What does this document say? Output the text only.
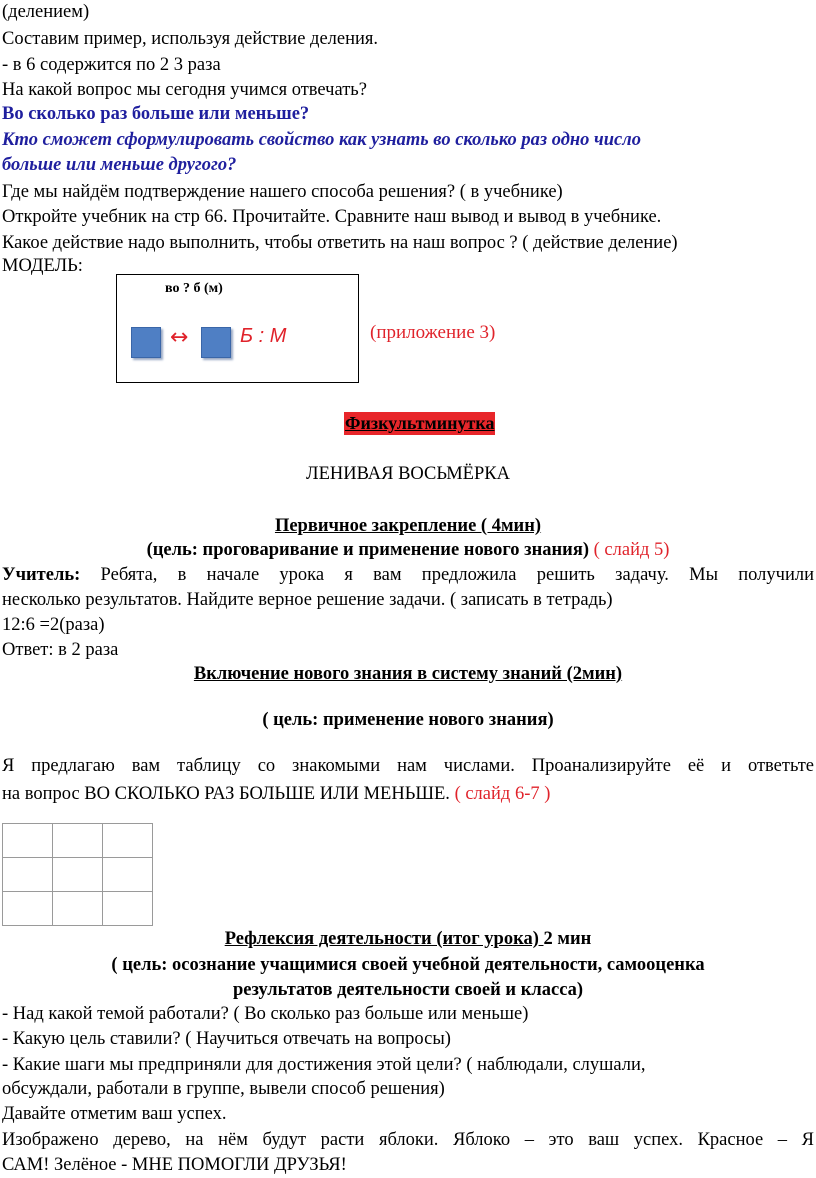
(делением)
Составим пример, используя действие деления.
- в 6 содержится по 2 3 раза
На какой вопрос мы сегодня учимся отвечать?
Во сколько раз больше или меньше?
Кто сможет сформулировать свойство как узнать во сколько раз одно число
больше или меньше другого?
Где мы найдём подтверждение нашего способа решения? ( в учебнике)
Откройте учебник на стр 66. Прочитайте. Сравните наш вывод и вывод в учебнике.
Какое действие надо выполнить, чтобы ответить на наш вопрос ? ( действие деление)
МОДЕЛЬ:
во ? б (м)
↔	Б : М	(приложение 3)
Физкультминутка
ЛЕНИВАЯ ВОСЬМЁРКА
Первичное закрепление ( 4мин)
(цель: проговаривание и применение нового знания) ( слайд 5)
Учитель: Ребята, в начале урока я вам предложила решить задачу. Мы получили
несколько результатов. Найдите верное решение задачи. ( записать в тетрадь)
12:6 =2(раза)
Ответ: в 2 раза
Включение нового знания в систему знаний (2мин)
( цель: применение нового знания)
Я предлагаю вам таблицу со знакомыми нам числами. Проанализируйте её и ответьте
на вопрос ВО СКОЛЬКО РАЗ БОЛЬШЕ ИЛИ МЕНЬШЕ. ( слайд 6-7 )

Рефлексия деятельности (итог урока) 2 мин
( цель: осознание учащимися своей учебной деятельности, самооценка
результатов деятельности своей и класса)
- Над какой темой работали? ( Во сколько раз больше или меньше)
- Какую цель ставили? ( Научиться отвечать на вопросы)
- Какие шаги мы предприняли для достижения этой цели? ( наблюдали, слушали,
обсуждали, работали в группе, вывели способ решения)
Давайте отметим ваш успех.
Изображено дерево, на нём будут расти яблоки. Яблоко – это ваш успех. Красное – Я
САМ! Зелёное - МНЕ ПОМОГЛИ ДРУЗЬЯ!
